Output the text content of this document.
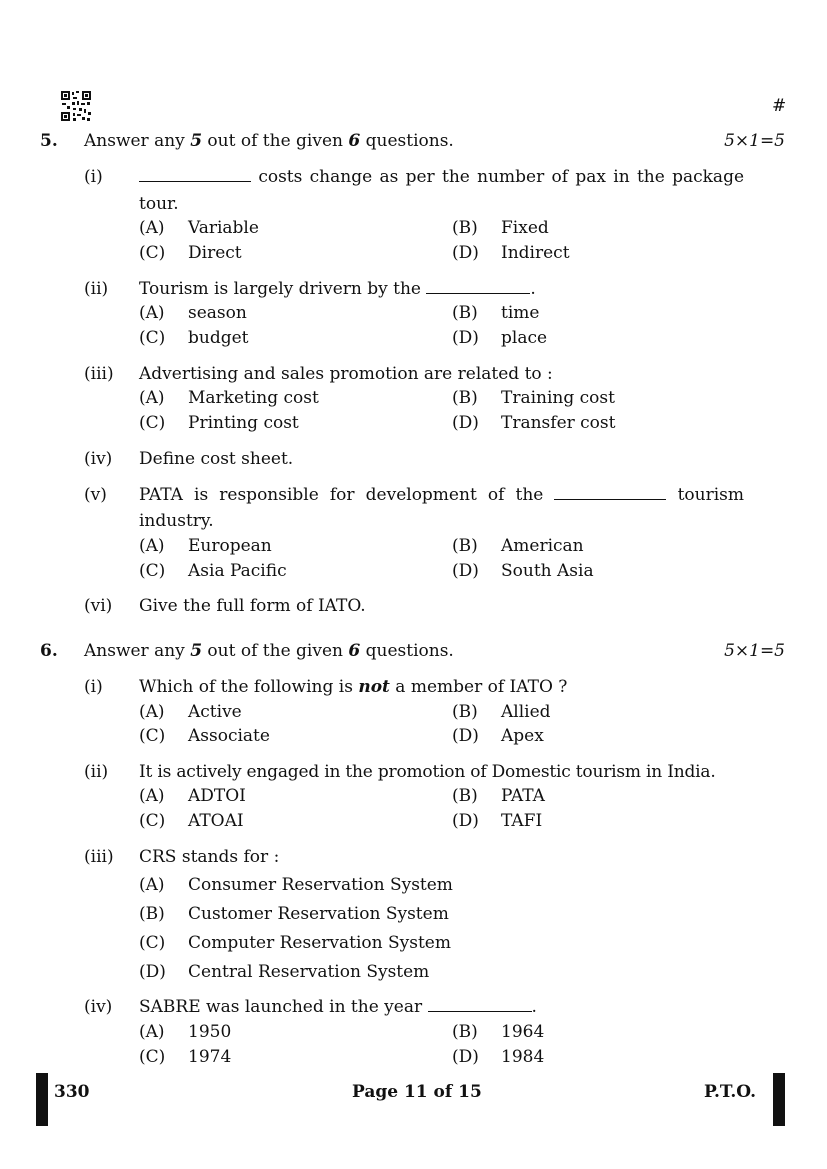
#
5. Answer any 5 out of the given 6 questions.	5×1=5
(i)	costs change as per the number of pax in the package
tour.
(A) Variable	(B) Fixed
(C) Direct	(D) Indirect
(ii) Tourism is largely drivern by the	.
(A) season	(B) time
(C) budget	(D) place
(iii) Advertising and sales promotion are related to :
(A) Marketing cost	(B) Training cost
(C) Printing cost	(D) Transfer cost
(iv) Define cost sheet.
(v) PATA is responsible for development of the	tourism
industry.
(A) European	(B) American
(C) Asia Pacific	(D) South Asia
(vi) Give the full form of IATO.
6. Answer any 5 out of the given 6 questions.	5×1=5
(i) Which of the following is not a member of IATO ?
(A) Active	(B) Allied
(C) Associate	(D) Apex
(ii) It is actively engaged in the promotion of Domestic tourism in India.
(A) ADTOI	(B) PATA
(C) ATOAI	(D) TAFI
(iii) CRS stands for :
(A) Consumer Reservation System
(B) Customer Reservation System
(C) Computer Reservation System
(D) Central Reservation System
(iv) SABRE was launched in the year	.
(A) 1950	(B) 1964
(C) 1974	(D) 1984
330	Page 11 of 15	P.T.O.
